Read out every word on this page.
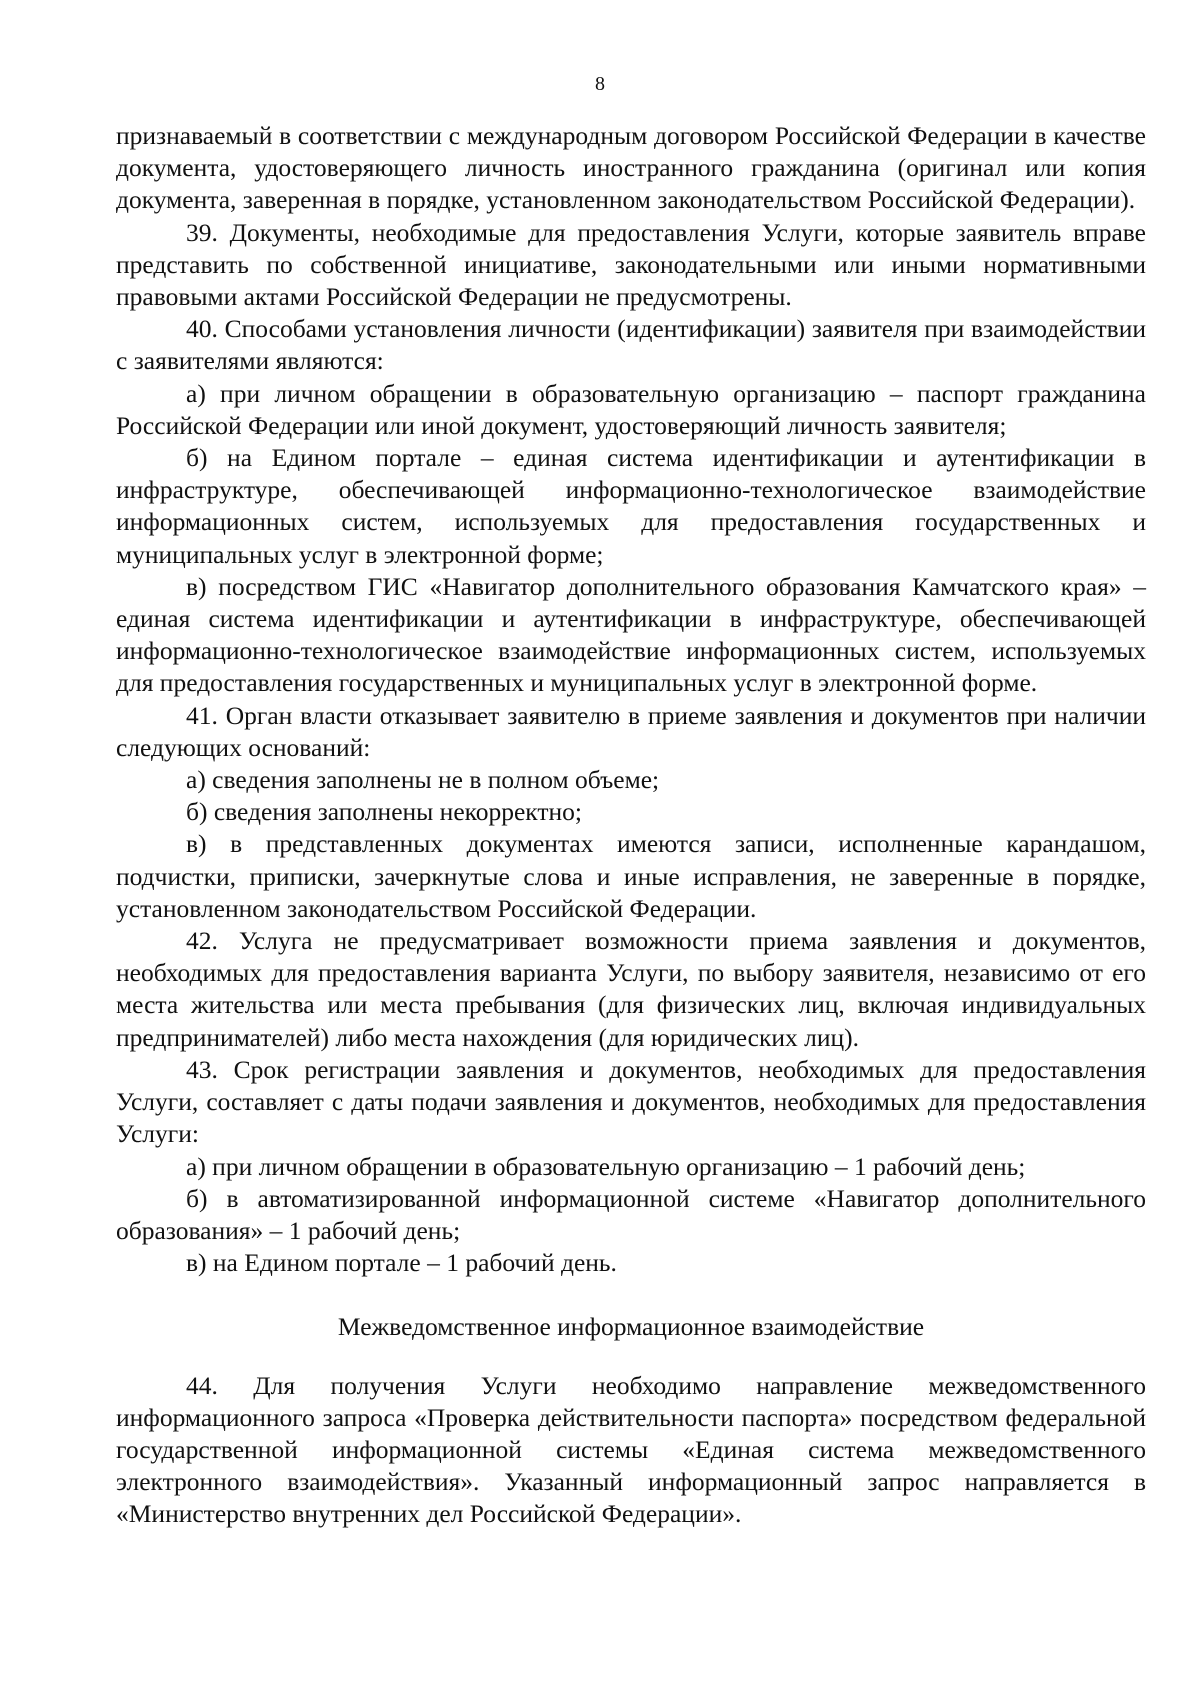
8

признаваемый в соответствии с международным договором Российской Федерации в качестве документа, удостоверяющего личность иностранного гражданина (оригинал или копия документа, заверенная в порядке, установленном законодательством Российской Федерации).

39. Документы, необходимые для предоставления Услуги, которые заявитель вправе представить по собственной инициативе, законодательными или иными нормативными правовыми актами Российской Федерации не предусмотрены.

40. Способами установления личности (идентификации) заявителя при взаимодействии с заявителями являются:

а) при личном обращении в образовательную организацию – паспорт гражданина Российской Федерации или иной документ, удостоверяющий личность заявителя;

б) на Едином портале – единая система идентификации и аутентификации в инфраструктуре, обеспечивающей информационно-технологическое взаимодействие информационных систем, используемых для предоставления государственных и муниципальных услуг в электронной форме;

в) посредством ГИС «Навигатор дополнительного образования Камчатского края» – единая система идентификации и аутентификации в инфраструктуре, обеспечивающей информационно-технологическое взаимодействие информационных систем, используемых для предоставления государственных и муниципальных услуг в электронной форме.

41. Орган власти отказывает заявителю в приеме заявления и документов при наличии следующих оснований:

а) сведения заполнены не в полном объеме;

б) сведения заполнены некорректно;

в) в представленных документах имеются записи, исполненные карандашом, подчистки, приписки, зачеркнутые слова и иные исправления, не заверенные в порядке, установленном законодательством Российской Федерации.

42. Услуга не предусматривает возможности приема заявления и документов, необходимых для предоставления варианта Услуги, по выбору заявителя, независимо от его места жительства или места пребывания (для физических лиц, включая индивидуальных предпринимателей) либо места нахождения (для юридических лиц).

43. Срок регистрации заявления и документов, необходимых для предоставления Услуги, составляет с даты подачи заявления и документов, необходимых для предоставления Услуги:

а) при личном обращении в образовательную организацию – 1 рабочий день;

б) в автоматизированной информационной системе «Навигатор дополнительного образования» – 1 рабочий день;

в) на Едином портале – 1 рабочий день.

Межведомственное информационное взаимодействие

44. Для получения Услуги необходимо направление межведомственного информационного запроса «Проверка действительности паспорта» посредством федеральной государственной информационной системы «Единая система межведомственного электронного взаимодействия». Указанный информационный запрос направляется в «Министерство внутренних дел Российской Федерации».
